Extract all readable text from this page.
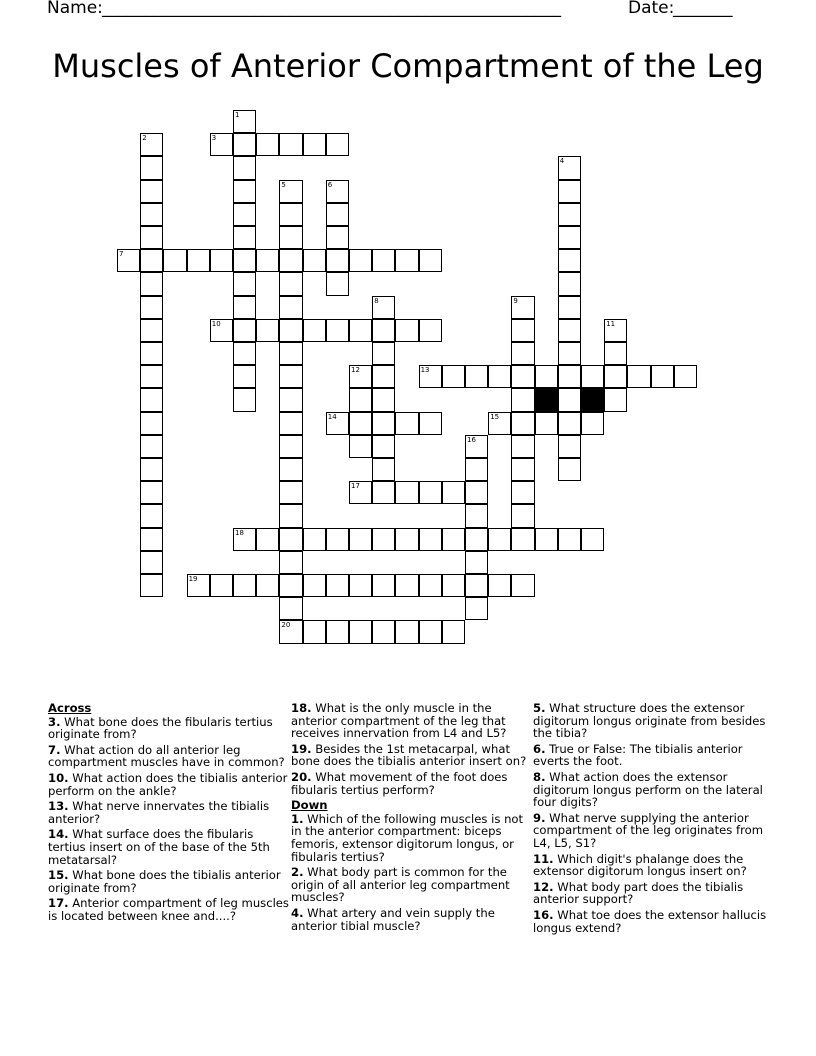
Name: ______________________________________________________	Date:
_______
Muscles of Anterior Compartment of the Leg
1
2	3
4
5	6
7
8	9
10	11
12	13
14	15
16
17
18
19
20
Across
3. What bone does the fibularis tertius originate from?
7. What action do all anterior leg compartment muscles have in common?
10. What action does the tibialis anterior perform on the ankle?
13. What nerve innervates the tibialis anterior?
14. What surface does the fibularis tertius insert on of the base of the 5th metatarsal?
15. What bone does the tibialis anterior originate from?
17. Anterior compartment of leg muscles is located between knee and....?
18. What is the only muscle in the anterior compartment of the leg that receives innervation from L4 and L5?
19. Besides the 1st metacarpal, what bone does the tibialis anterior insert on?
20. What movement of the foot does fibularis tertius perform?
Down
1. Which of the following muscles is not in the anterior compartment: biceps femoris, extensor digitorum longus, or fibularis tertius?
2. What body part is common for the origin of all anterior leg compartment muscles?
4. What artery and vein supply the anterior tibial muscle?
5. What structure does the extensor digitorum longus originate from besides the tibia?
6. True or False: The tibialis anterior everts the foot.
8. What action does the extensor digitorum longus perform on the lateral four digits?
9. What nerve supplying the anterior compartment of the leg originates from L4, L5, S1?
11. Which digit's phalange does the extensor digitorum longus insert on?
12. What body part does the tibialis anterior support?
16. What toe does the extensor hallucis longus extend?
